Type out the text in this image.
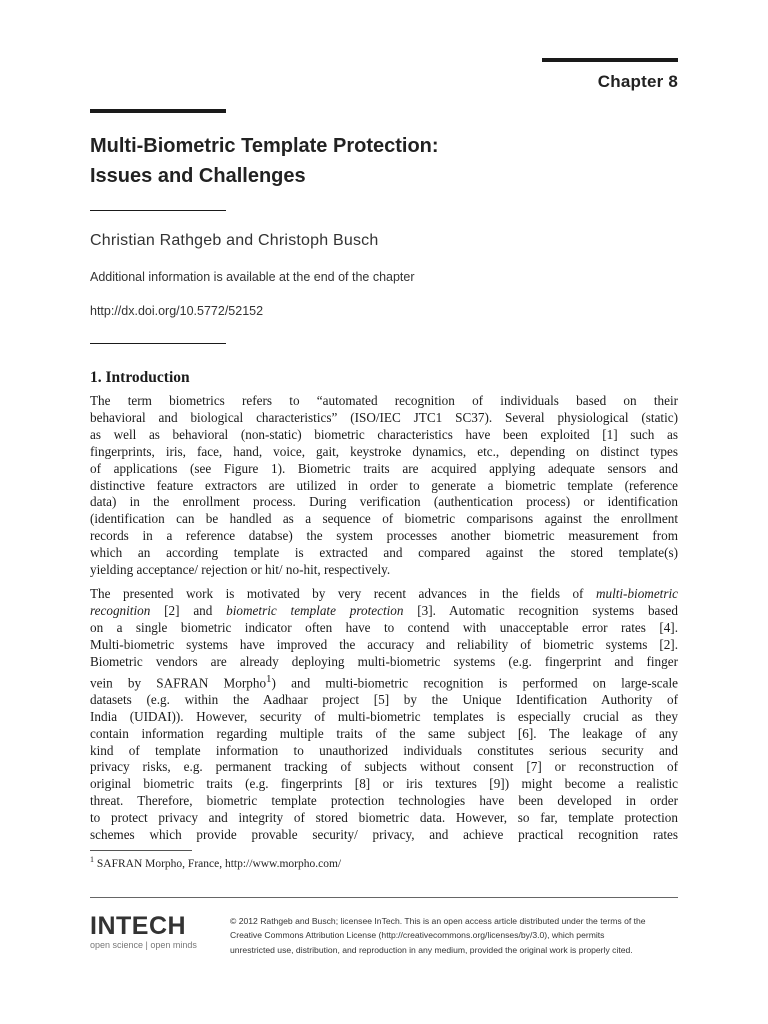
Chapter 8
Multi-Biometric Template Protection:
Issues and Challenges
Christian Rathgeb and Christoph Busch
Additional information is available at the end of the chapter
http://dx.doi.org/10.5772/52152
1. Introduction
The term biometrics refers to “automated recognition of individuals based on their
behavioral and biological characteristics” (ISO/IEC JTC1 SC37). Several physiological (static)
as well as behavioral (non-static) biometric characteristics have been exploited [1] such as
fingerprints, iris, face, hand, voice, gait, keystroke dynamics, etc., depending on distinct types
of applications (see Figure 1). Biometric traits are acquired applying adequate sensors and
distinctive feature extractors are utilized in order to generate a biometric template (reference
data) in the enrollment process. During verification (authentication process) or identification
(identification can be handled as a sequence of biometric comparisons against the enrollment
records in a reference databse) the system processes another biometric measurement from
which an according template is extracted and compared against the stored template(s)
yielding acceptance/ rejection or hit/ no-hit, respectively.
The presented work is motivated by very recent advances in the fields of multi-biometric
recognition [2] and biometric template protection [3]. Automatic recognition systems based
on a single biometric indicator often have to contend with unacceptable error rates [4].
Multi-biometric systems have improved the accuracy and reliability of biometric systems [2].
Biometric vendors are already deploying multi-biometric systems (e.g. fingerprint and finger
vein by SAFRAN Morpho$^1$) and multi-biometric recognition is performed on large-scale
datasets (e.g. within the Aadhaar project [5] by the Unique Identification Authority of
India (UIDAI)). However, security of multi-biometric templates is especially crucial as they
contain information regarding multiple traits of the same subject [6]. The leakage of any
kind of template information to unauthorized individuals constitutes serious security and
privacy risks, e.g. permanent tracking of subjects without consent [7] or reconstruction of
original biometric traits (e.g. fingerprints [8] or iris textures [9]) might become a realistic
threat. Therefore, biometric template protection technologies have been developed in order
to protect privacy and integrity of stored biometric data. However, so far, template protection
schemes which provide provable security/ privacy, and achieve practical recognition rates
$^1$ SAFRAN Morpho, France, http://www.morpho.com/
INTECH
open science | open minds
© 2012 Rathgeb and Busch; licensee InTech. This is an open access article distributed under the terms of the
Creative Commons Attribution License (http://creativecommons.org/licenses/by/3.0), which permits
unrestricted use, distribution, and reproduction in any medium, provided the original work is properly cited.
